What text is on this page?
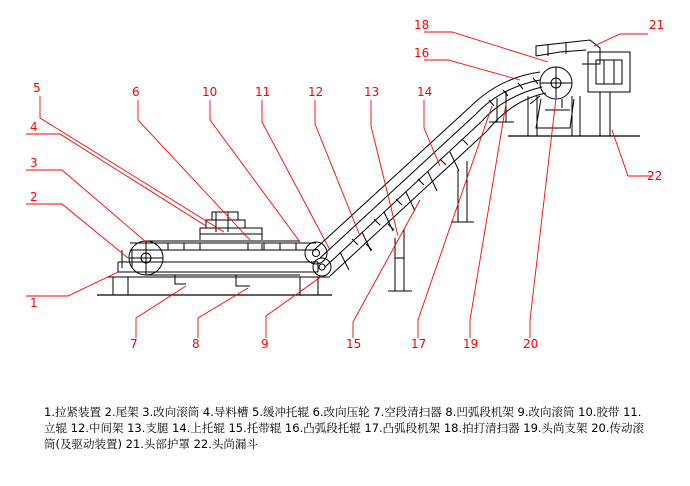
1
2
3
4
5	6
7	8	9
10	11	12	13	14
15
16
17
18
19	20
21
22
1.拉紧装置 2.尾架 3.改向滚筒 4.导料槽 5.缓冲托辊 6.改向压轮 7.空段清扫器 8.凹弧段机架 9.改向滚筒 10.胶带 11.立辊 12.中间架 13.支腿 14.上托辊 15.托带辊 16.凸弧段托辊 17.凸弧段机架 18.拍打清扫器 19.头尚支架 20.传动滚筒(及驱动装置) 21.头部护罩 22.头尚漏斗
